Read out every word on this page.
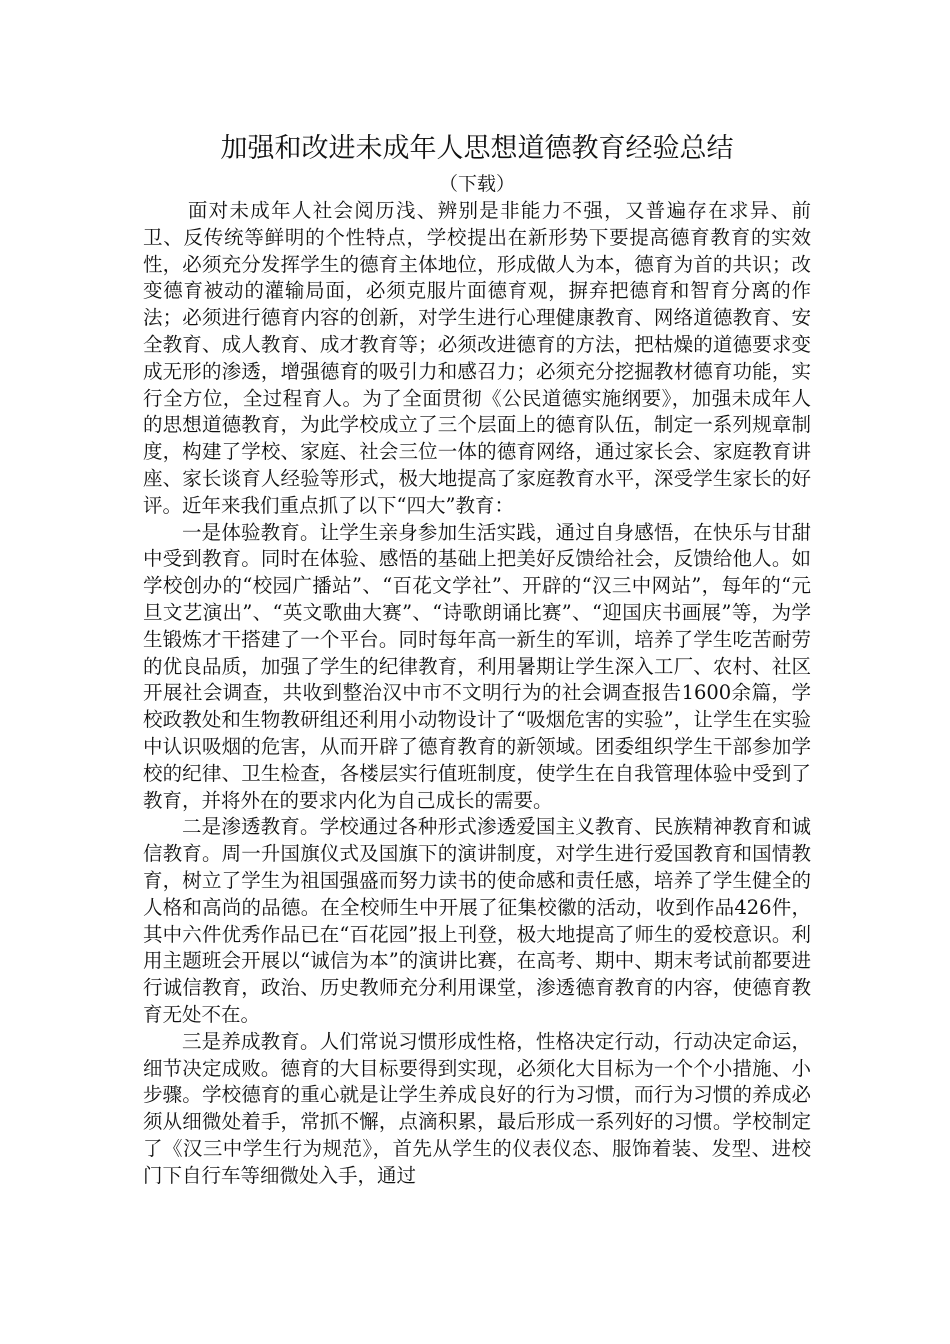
加强和改进未成年人思想道德教育经验总结
（下载）

面对未成年人社会阅历浅、辨别是非能力不强，又普遍存在求异、前卫、反传统等鲜明的个性特点，学校提出在新形势下要提高德育教育的实效性，必须充分发挥学生的德育主体地位，形成做人为本，德育为首的共识；改变德育被动的灌输局面，必须克服片面德育观，摒弃把德育和智育分离的作法；必须进行德育内容的创新，对学生进行心理健康教育、网络道德教育、安全教育、成人教育、成才教育等；必须改进德育的方法，把枯燥的道德要求变成无形的渗透，增强德育的吸引力和感召力；必须充分挖掘教材德育功能，实行全方位，全过程育人。为了全面贯彻《公民道德实施纲要》，加强未成年人的思想道德教育，为此学校成立了三个层面上的德育队伍，制定一系列规章制度，构建了学校、家庭、社会三位一体的德育网络，通过家长会、家庭教育讲座、家长谈育人经验等形式，极大地提高了家庭教育水平，深受学生家长的好评。近年来我们重点抓了以下“四大”教育：

一是体验教育。让学生亲身参加生活实践，通过自身感悟，在快乐与甘甜中受到教育。同时在体验、感悟的基础上把美好反馈给社会，反馈给他人。如学校创办的“校园广播站”、“百花文学社”、开辟的“汉三中网站”，每年的“元旦文艺演出”、“英文歌曲大赛”、“诗歌朗诵比赛”、“迎国庆书画展”等，为学生锻炼才干搭建了一个平台。同时每年高一新生的军训，培养了学生吃苦耐劳的优良品质，加强了学生的纪律教育，利用暑期让学生深入工厂、农村、社区开展社会调查，共收到整治汉中市不文明行为的社会调查报告1600余篇，学校政教处和生物教研组还利用小动物设计了“吸烟危害的实验”，让学生在实验中认识吸烟的危害，从而开辟了德育教育的新领域。团委组织学生干部参加学校的纪律、卫生检查，各楼层实行值班制度，使学生在自我管理体验中受到了教育，并将外在的要求内化为自己成长的需要。

二是渗透教育。学校通过各种形式渗透爱国主义教育、民族精神教育和诚信教育。周一升国旗仪式及国旗下的演讲制度，对学生进行爱国教育和国情教育，树立了学生为祖国强盛而努力读书的使命感和责任感，培养了学生健全的人格和高尚的品德。在全校师生中开展了征集校徽的活动，收到作品426件，其中六件优秀作品已在“百花园”报上刊登，极大地提高了师生的爱校意识。利用主题班会开展以“诚信为本”的演讲比赛，在高考、期中、期末考试前都要进行诚信教育，政治、历史教师充分利用课堂，渗透德育教育的内容，使德育教育无处不在。

三是养成教育。人们常说习惯形成性格，性格决定行动，行动决定命运，细节决定成败。德育的大目标要得到实现，必须化大目标为一个个小措施、小步骤。学校德育的重心就是让学生养成良好的行为习惯，而行为习惯的养成必须从细微处着手，常抓不懈，点滴积累，最后形成一系列好的习惯。学校制定了《汉三中学生行为规范》，首先从学生的仪表仪态、服饰着装、发型、进校门下自行车等细微处入手，通过
